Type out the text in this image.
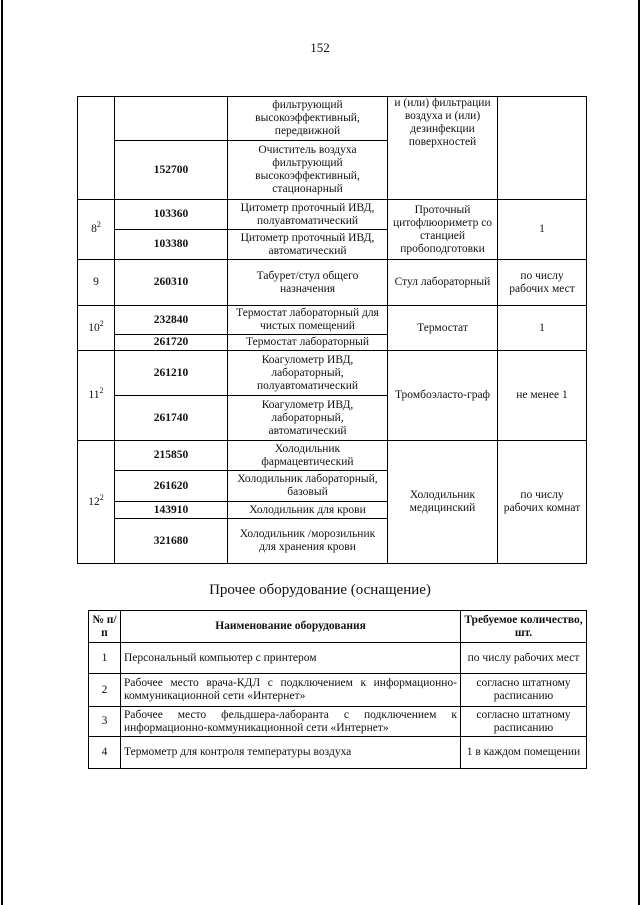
152
		фильтрующий высокоэффективный, передвижной	и (или) фильтрации воздуха и (или) дезинфекции поверхностей	
	152700	Очиститель воздуха фильтрующий высокоэффективный, стационарный		
$8^2$	103360	Цитометр проточный ИВД, полуавтоматический	Проточный цитофлюориметр со станцией пробоподготовки	1
	103380	Цитометр проточный ИВД, автоматический		
9	260310	Табурет/стул общего назначения	Стул лабораторный	по числу рабочих мест
$10^2$	232840	Термостат лабораторный для чистых помещений	Термостат	1
	261720	Термостат лабораторный		
$11^2$	261210	Коагулометр ИВД, лабораторный, полуавтоматический	Тромбоэласто-граф	не менее 1
	261740	Коагулометр ИВД, лабораторный, автоматический		
$12^2$	215850	Холодильник фармацевтический	Холодильник медицинский	по числу рабочих комнат
	261620	Холодильник лабораторный, базовый		
	143910	Холодильник для крови		
	321680	Холодильник /морозильник для хранения крови		
Прочее оборудование (оснащение)
№ п/п	Наименование оборудования	Требуемое количество, шт.
1	Персональный компьютер с принтером	по числу рабочих мест
2	Рабочее место врача-КДЛ с подключением к информационно-коммуникационной сети «Интернет»	согласно штатному расписанию
3	Рабочее место фельдшера-лаборанта с подключением к информационно-коммуникационной сети «Интернет»	согласно штатному расписанию
4	Термометр для контроля температуры воздуха	1 в каждом помещении
